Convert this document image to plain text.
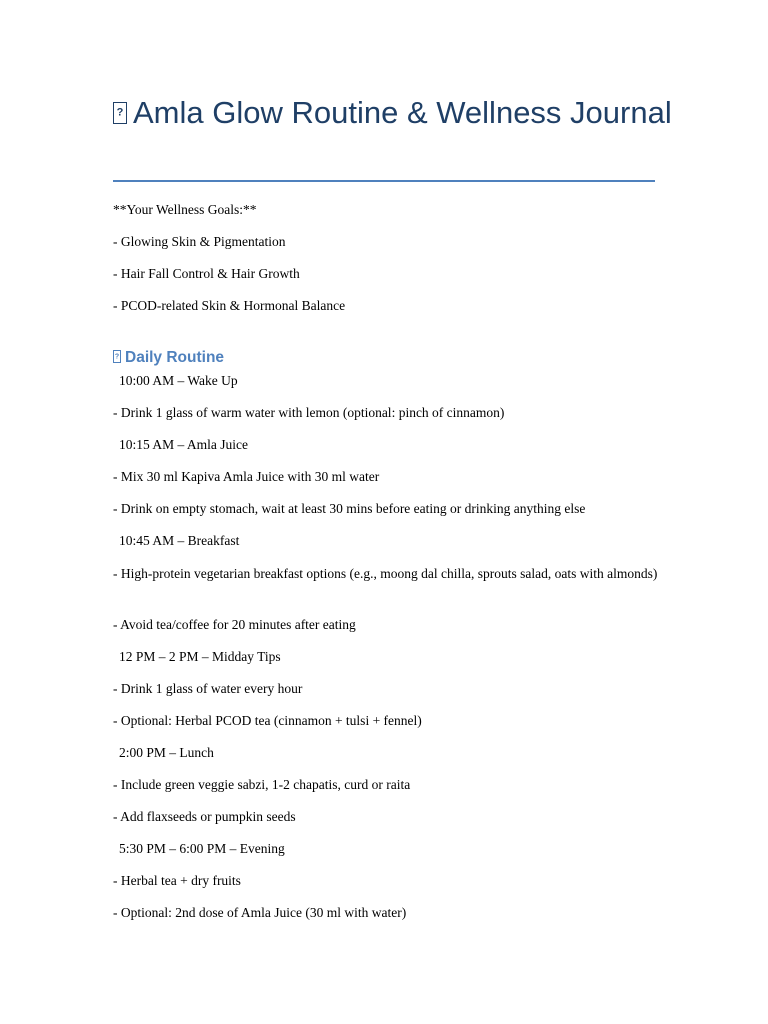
? Amla Glow Routine & Wellness Journal

**Your Wellness Goals:**

- Glowing Skin & Pigmentation

- Hair Fall Control & Hair Growth

- PCOD-related Skin & Hormonal Balance

? Daily Routine

10:00 AM – Wake Up

- Drink 1 glass of warm water with lemon (optional: pinch of cinnamon)

10:15 AM – Amla Juice

- Mix 30 ml Kapiva Amla Juice with 30 ml water

- Drink on empty stomach, wait at least 30 mins before eating or drinking anything else

10:45 AM – Breakfast

- High-protein vegetarian breakfast options (e.g., moong dal chilla, sprouts salad, oats with almonds)

- Avoid tea/coffee for 20 minutes after eating

12 PM – 2 PM – Midday Tips

- Drink 1 glass of water every hour

- Optional: Herbal PCOD tea (cinnamon + tulsi + fennel)

2:00 PM – Lunch

- Include green veggie sabzi, 1-2 chapatis, curd or raita

- Add flaxseeds or pumpkin seeds

5:30 PM – 6:00 PM – Evening

- Herbal tea + dry fruits

- Optional: 2nd dose of Amla Juice (30 ml with water)
